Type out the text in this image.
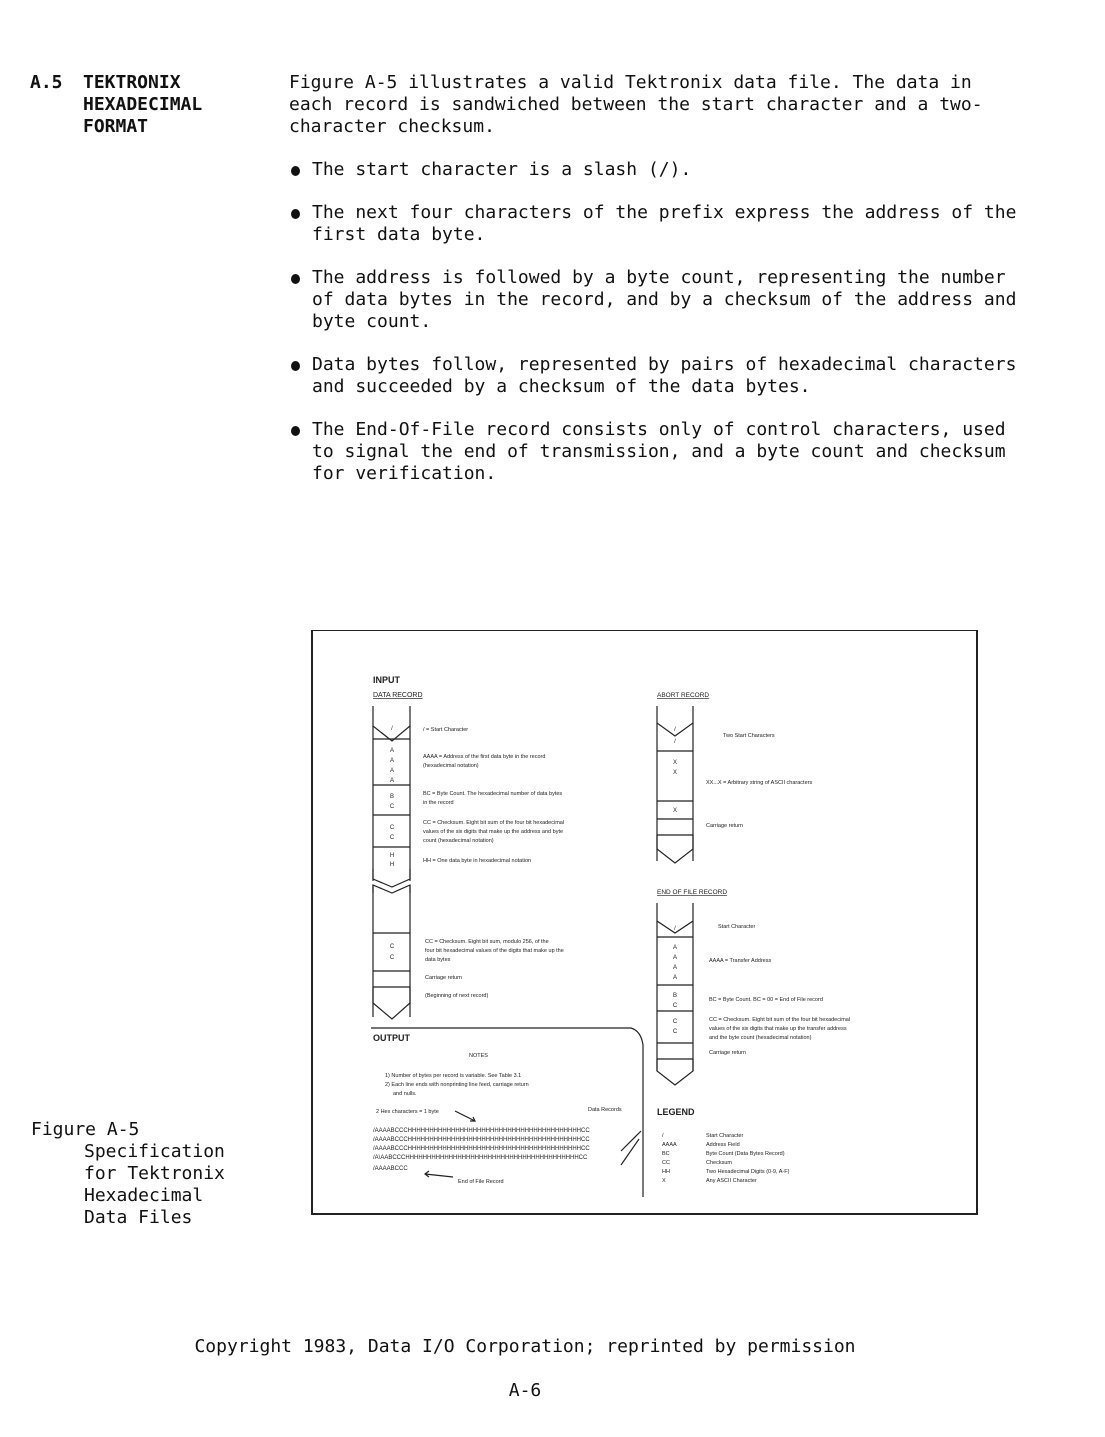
A.5 TEKTRONIX
HEXADECIMAL
FORMAT
Figure A-5 illustrates a valid Tektronix data file. The data in
each record is sandwiched between the start character and a two-
character checksum.
The start character is a slash (/).
The next four characters of the prefix express the address of the
first data byte.
The address is followed by a byte count, representing the number
of data bytes in the record, and by a checksum of the address and
byte count.
Data bytes follow, represented by pairs of hexadecimal characters
and succeeded by a checksum of the data bytes.
The End-Of-File record consists only of control characters, used
to signal the end of transmission, and a byte count and checksum
for verification.
INPUT
DATA RECORD	ABORT RECORD
END OF FILE RECORD
OUTPUT
LEGEND
/
A
A
A
A
B
C
C
C
H
H
C
C
/
/
X
X
X
/
A
A
A
A
B
C
C
C
/ = Start Character
AAAA = Address of the first data byte in the record
(hexadecimal notation)
BC = Byte Count. The hexadecimal number of data bytes
in the record
CC = Checksum. Eight bit sum of the four bit hexadecimal
values of the six digits that make up the address and byte
count (hexadecimal notation)
HH = One data byte in hexadecimal notation
CC = Checksum. Eight bit sum, modulo 256, of the
four bit hexadecimal values of the digits that make up the
data bytes
Carriage return
(Beginning of next record)
Two Start Characters
XX...X = Arbitrary string of ASCII characters
Carriage return
Start Character
AAAA = Transfer Address
BC = Byte Count. BC = 00 = End of File record
CC = Checksum. Eight bit sum of the four bit hexadecimal
values of the six digits that make up the transfer address
and the byte count (hexadecimal notation)
Carriage return
NOTES
1) Number of bytes per record is variable. See Table 3.1
2) Each line ends with nonprinting line feed, carriage return
and nulls.
2 Hex characters = 1 byte	Data Records
/AAAABCCCHHHHHHHHHHHHHHHHHHHHHHHHHHHHHHHHHHHHHHHHCC
/AAAABCCCHHHHHHHHHHHHHHHHHHHHHHHHHHHHHHHHHHHHHHHHCC
/AAAABCCCHHHHHHHHHHHHHHHHHHHHHHHHHHHHHHHHHHHHHHHHCC
/A\AABCCCHHHHHHHHHHHHHHHHHHHHHHHHHHHHHHHHHHHHHHHHCC
/AAAABCCC
End of File Record
/	Start Character
AAAA	Address Field
BC	Byte Count (Data Bytes Record)
CC	Checksum
HH	Two Hexadecimal Digits (0-9, A-F)
X	Any ASCII Character
Figure A-5
Specification
for Tektronix
Hexadecimal
Data Files
Copyright 1983, Data I/O Corporation; reprinted by permission
A-6
